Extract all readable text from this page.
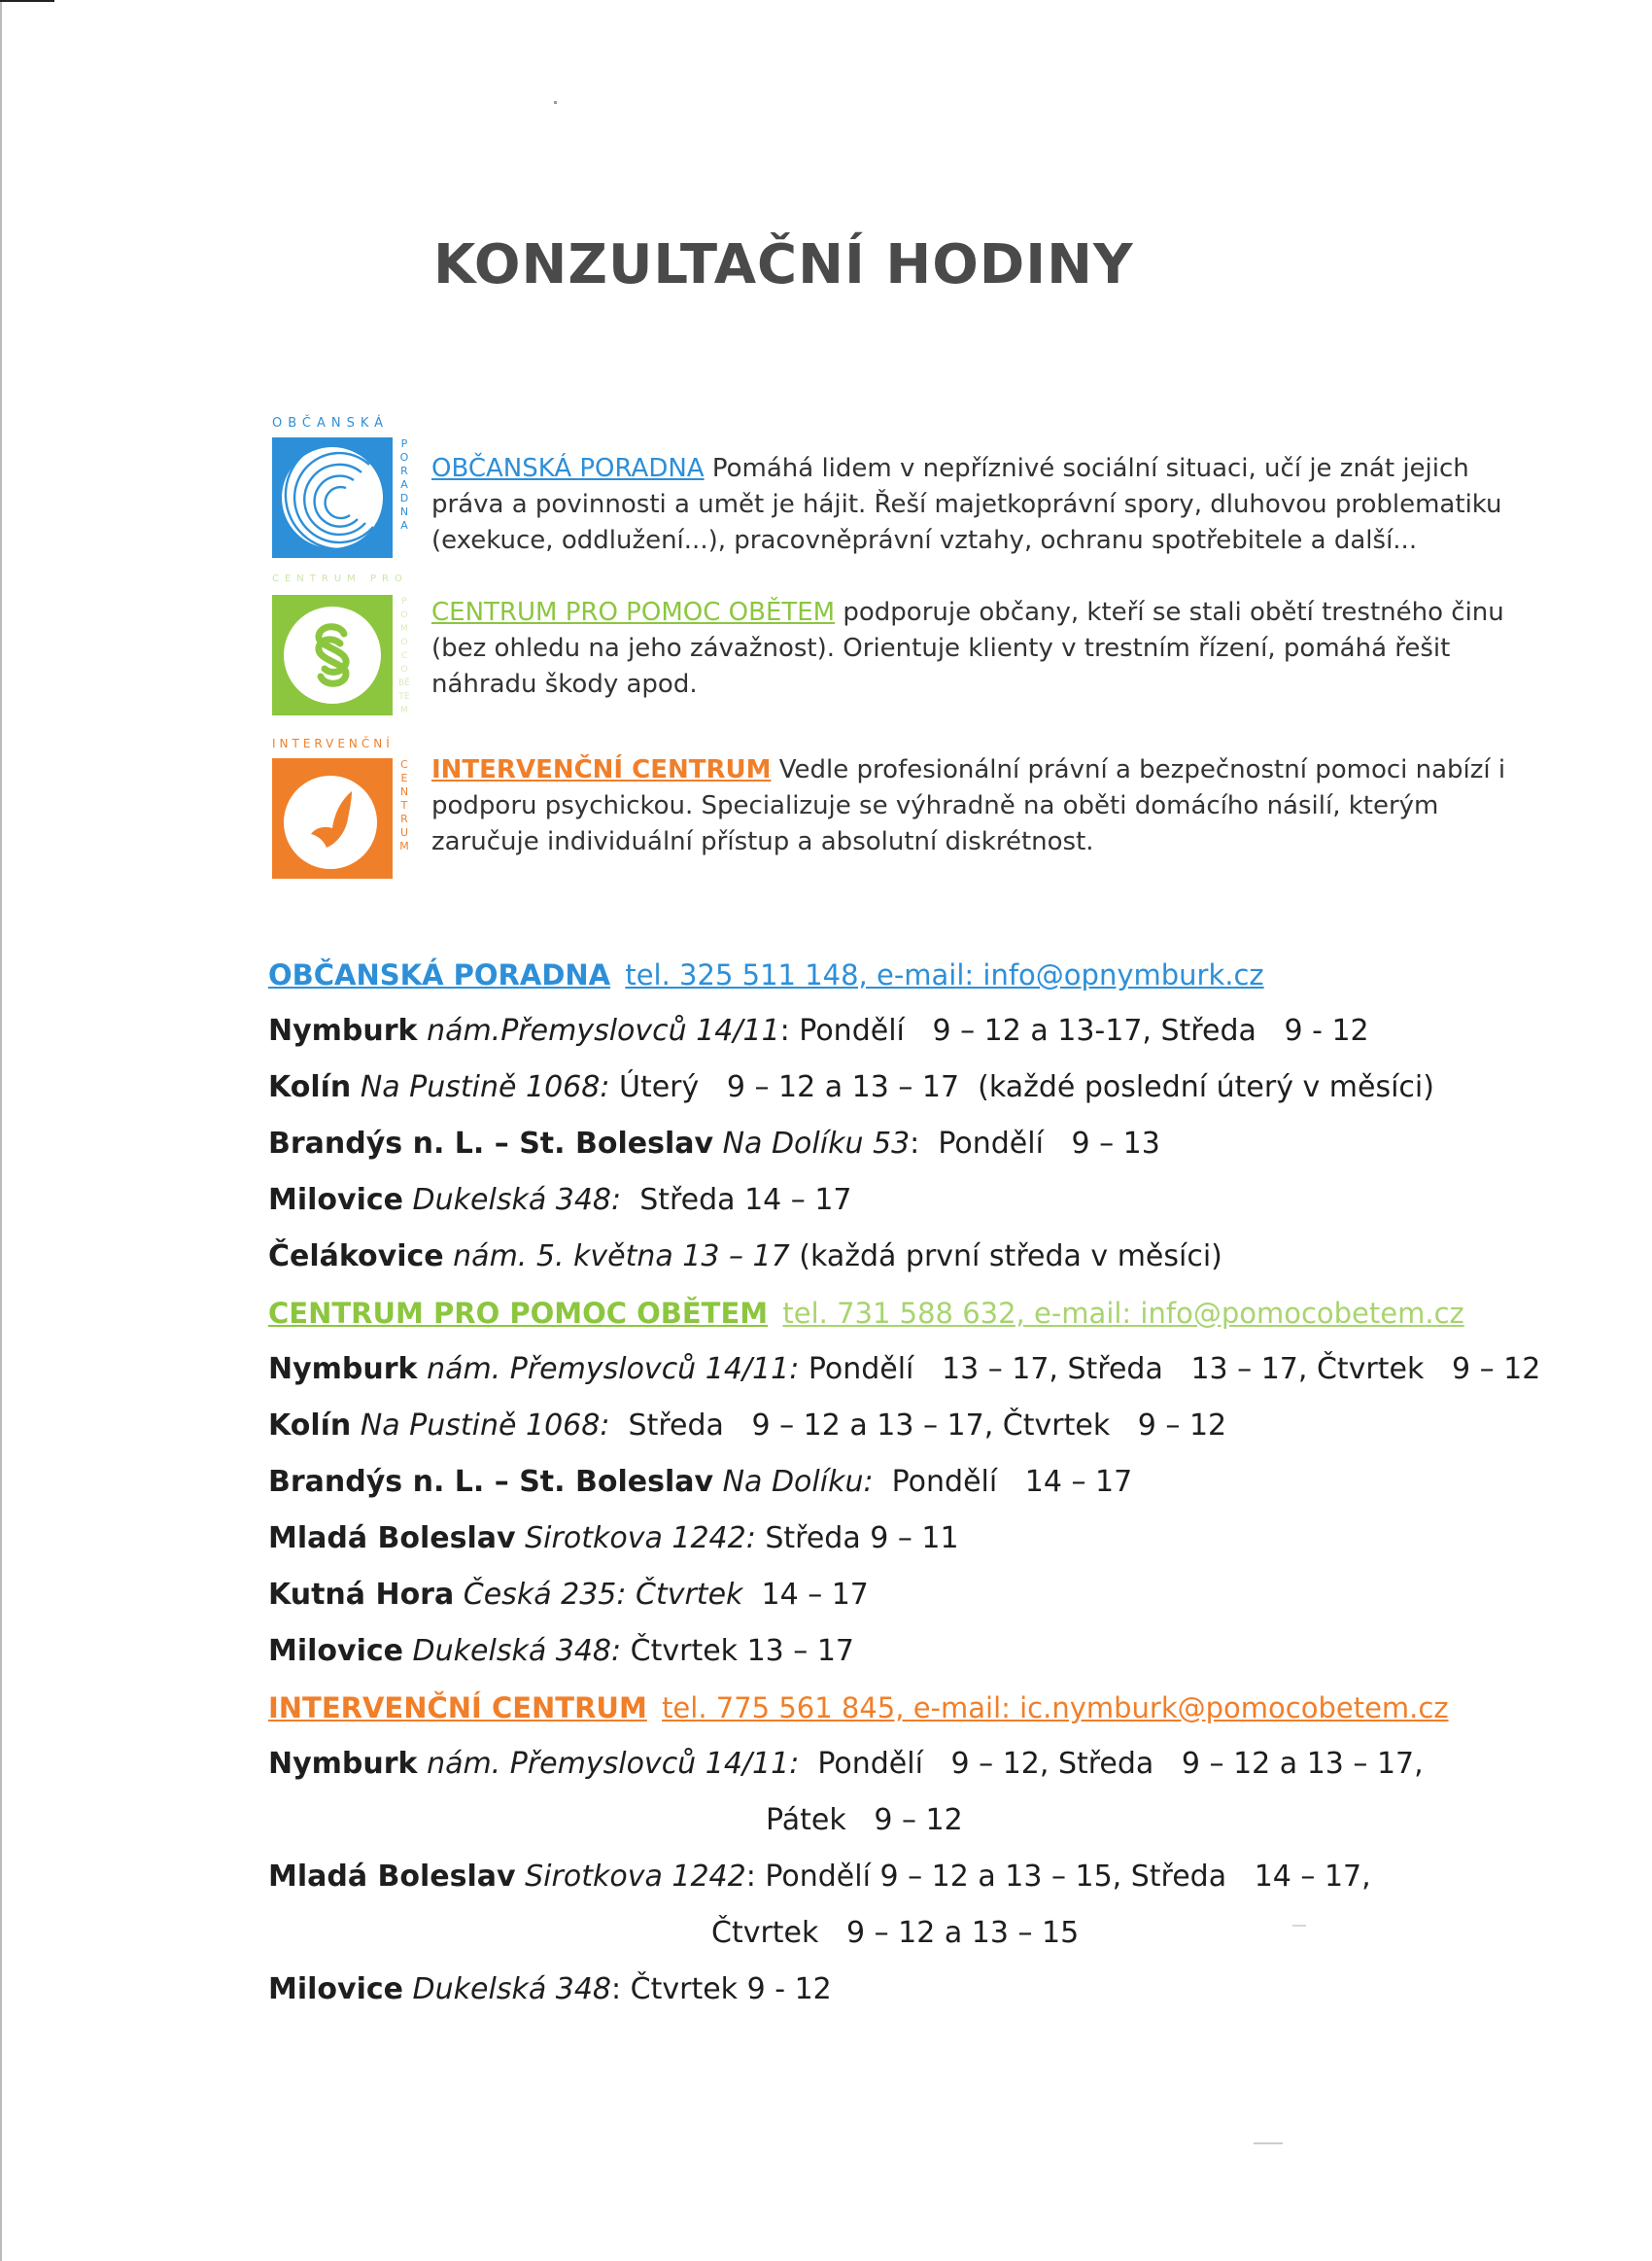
KONZULTAČNÍ HODINY
OBČANSKÁ
PORADNA
OBČANSKÁ PORADNA Pomáhá lidem v nepříznivé sociální situaci, učí je znát jejich práva a povinnosti a umět je hájit. Řeší majetkoprávní spory, dluhovou problematiku (exekuce, oddlužení...), pracovněprávní vztahy, ochranu spotřebitele a další...
CENTRUM PRO
POMOC OBĚTEM
CENTRUM PRO POMOC OBĚTEM podporuje občany, kteří se stali obětí trestného činu (bez ohledu na jeho závažnost). Orientuje klienty v trestním řízení, pomáhá řešit náhradu škody apod.
INTERVENČNÍ
CENTRUM
INTERVENČNÍ CENTRUM Vedle profesionální právní a bezpečnostní pomoci nabízí i podporu psychickou. Specializuje se výhradně na oběti domácího násilí, kterým zaručuje individuální přístup a absolutní diskrétnost.
OBČANSKÁ PORADNA tel. 325 511 148, e-mail: info@opnymburk.cz
Nymburk nám.Přemyslovců 14/11: Pondělí   9 – 12 a 13-17, Středa   9 - 12
Kolín Na Pustině 1068: Úterý   9 – 12 a 13 – 17  (každé poslední úterý v měsíci)
Brandýs n. L. – St. Boleslav Na Dolíku 53:  Pondělí   9 – 13
Milovice Dukelská 348:  Středa 14 – 17
Čelákovice nám. 5. května 13 – 17 (každá první středa v měsíci)
CENTRUM PRO POMOC OBĚTEM tel. 731 588 632, e-mail: info@pomocobetem.cz
Nymburk nám. Přemyslovců 14/11: Pondělí   13 – 17, Středa   13 – 17, Čtvrtek   9 – 12
Kolín Na Pustině 1068:  Středa   9 – 12 a 13 – 17, Čtvrtek   9 – 12
Brandýs n. L. – St. Boleslav Na Dolíku:  Pondělí   14 – 17
Mladá Boleslav Sirotkova 1242: Středa 9 – 11
Kutná Hora Česká 235: Čtvrtek  14 – 17
Milovice Dukelská 348: Čtvrtek 13 – 17
INTERVENČNÍ CENTRUM tel. 775 561 845, e-mail: ic.nymburk@pomocobetem.cz
Nymburk nám. Přemyslovců 14/11:  Pondělí   9 – 12, Středa   9 – 12 a 13 – 17,
Pátek   9 – 12
Mladá Boleslav Sirotkova 1242: Pondělí 9 – 12 a 13 – 15, Středa   14 – 17,
Čtvrtek   9 – 12 a 13 – 15
Milovice Dukelská 348: Čtvrtek 9 - 12
